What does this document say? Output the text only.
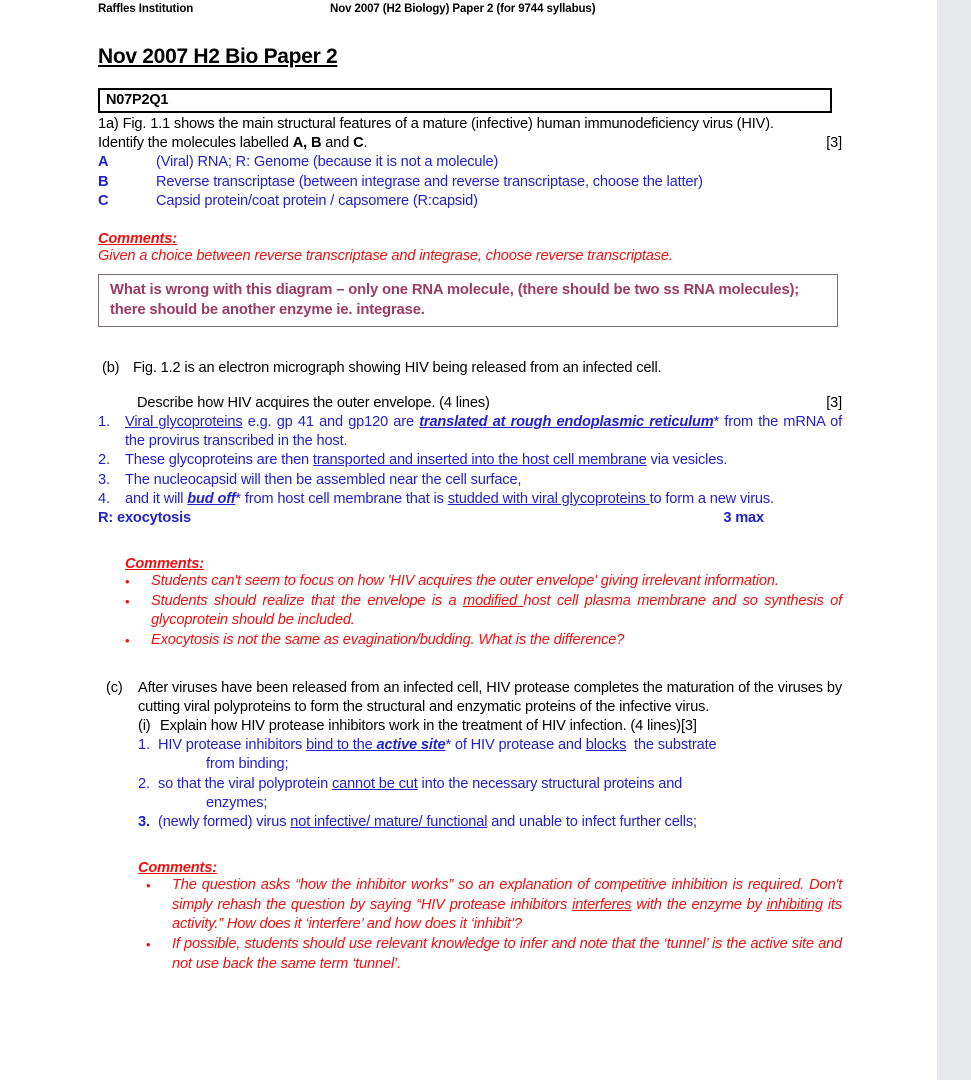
Raffles Institution	Nov 2007 (H2 Biology) Paper 2 (for 9744 syllabus)
Nov 2007 H2 Bio Paper 2
N07P2Q1
1a) Fig. 1.1 shows the main structural features of a mature (infective) human immunodeficiency virus (HIV).
[3]
Identify the molecules labelled A, B and C.
A	(Viral) RNA; R: Genome (because it is not a molecule)
B	Reverse transcriptase (between integrase and reverse transcriptase, choose the latter)
C	Capsid protein/coat protein / capsomere (R:capsid)
Comments:
Given a choice between reverse transcriptase and integrase, choose reverse transcriptase.
What is wrong with this diagram – only one RNA molecule, (there should be two ss RNA molecules); there should be another enzyme ie. integrase.
(b) Fig. 1.2 is an electron micrograph showing HIV being released from an infected cell.
[3]
Describe how HIV acquires the outer envelope. (4 lines)
1.	Viral glycoproteins e.g. gp 41 and gp120 are translated at rough endoplasmic reticulum* from the mRNA of the provirus transcribed in the host.
2.	These glycoproteins are then transported and inserted into the host cell membrane via vesicles.
3.	The nucleocapsid will then be assembled near the cell surface,
4.	and it will bud off* from host cell membrane that is studded with viral glycoproteins to form a new virus.
3 max
R: exocytosis
Comments:
•	Students can't seem to focus on how 'HIV acquires the outer envelope' giving irrelevant information.
•	Students should realize that the envelope is a modified host cell plasma membrane and so synthesis of glycoprotein should be included.
•	Exocytosis is not the same as evagination/budding. What is the difference?
(c)	After viruses have been released from an infected cell, HIV protease completes the maturation of the viruses by cutting viral polyproteins to form the structural and enzymatic proteins of the infective virus.
(i) Explain how HIV protease inhibitors work in the treatment of HIV infection. (4 lines)[3]
1. HIV protease inhibitors bind to the active site* of HIV protease and blocks  the substrate
from binding;
2. so that the viral polyprotein cannot be cut into the necessary structural proteins and
enzymes;
3. (newly formed) virus not infective/ mature/ functional and unable to infect further cells;
Comments:
•	The question asks “how the inhibitor works” so an explanation of competitive inhibition is required. Don't simply rehash the question by saying “HIV protease inhibitors interferes with the enzyme by inhibiting its activity.” How does it ‘interfere’ and how does it ‘inhibit’?
•	If possible, students should use relevant knowledge to infer and note that the ‘tunnel’ is the active site and not use back the same term ‘tunnel’.
